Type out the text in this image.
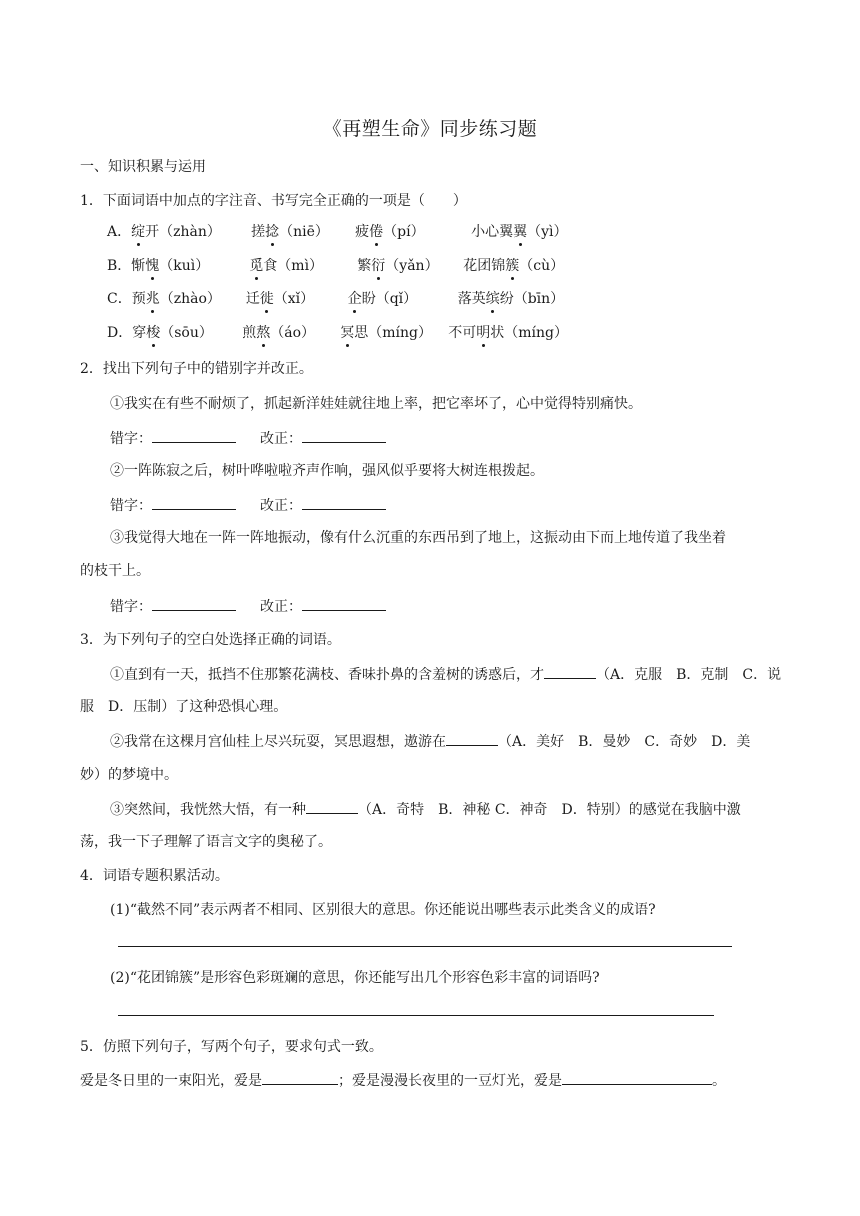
《再塑生命》同步练习题
一、知识积累与运用
1．下面词语中加点的字注音、书写完全正确的一项是（　　）
A．绽开（zhàn） 搓捻（niē） 疲倦（pí）	小心翼翼（yì）
B．惭愧（kuì）	觅食（mì） 繁衍（yǎn） 花团锦簇（cù）
C．预兆（zhào） 迁徙（xǐ） 企盼（qǐ）	落英缤纷（bīn）
D．穿梭（sōu） 煎熬（áo） 冥思（míng） 不可明状（míng）
2．找出下列句子中的错别字并改正。
①我实在有些不耐烦了，抓起新洋娃娃就往地上率，把它率坏了，心中觉得特别痛快。
错字：	改正：
②一阵陈寂之后，树叶哗啦啦齐声作响，强风似乎要将大树连根拨起。
错字：	改正：
③我觉得大地在一阵一阵地振动，像有什么沉重的东西吊到了地上，这振动由下而上地传道了我坐着
的枝干上。
错字：	改正：
3．为下列句子的空白处选择正确的词语。
①直到有一天，抵挡不住那繁花满枝、香味扑鼻的含羞树的诱惑后，才	（A．克服　B．克制　C．说
服　D．压制）了这种恐惧心理。
②我常在这棵月宫仙桂上尽兴玩耍，冥思遐想，遨游在	（A．美好　B．曼妙　C．奇妙　D．美
妙）的梦境中。
③突然间，我恍然大悟，有一种	（A．奇特　B．神秘 C．神奇　D．特别）的感觉在我脑中激
荡，我一下子理解了语言文字的奥秘了。
4．词语专题积累活动。
(1)“截然不同”表示两者不相同、区别很大的意思。你还能说出哪些表示此类含义的成语?
(2)“花团锦簇”是形容色彩斑斓的意思，你还能写出几个形容色彩丰富的词语吗?
5．仿照下列句子，写两个句子，要求句式一致。
爱是冬日里的一束阳光，爱是	；爱是漫漫长夜里的一豆灯光，爱是	。
